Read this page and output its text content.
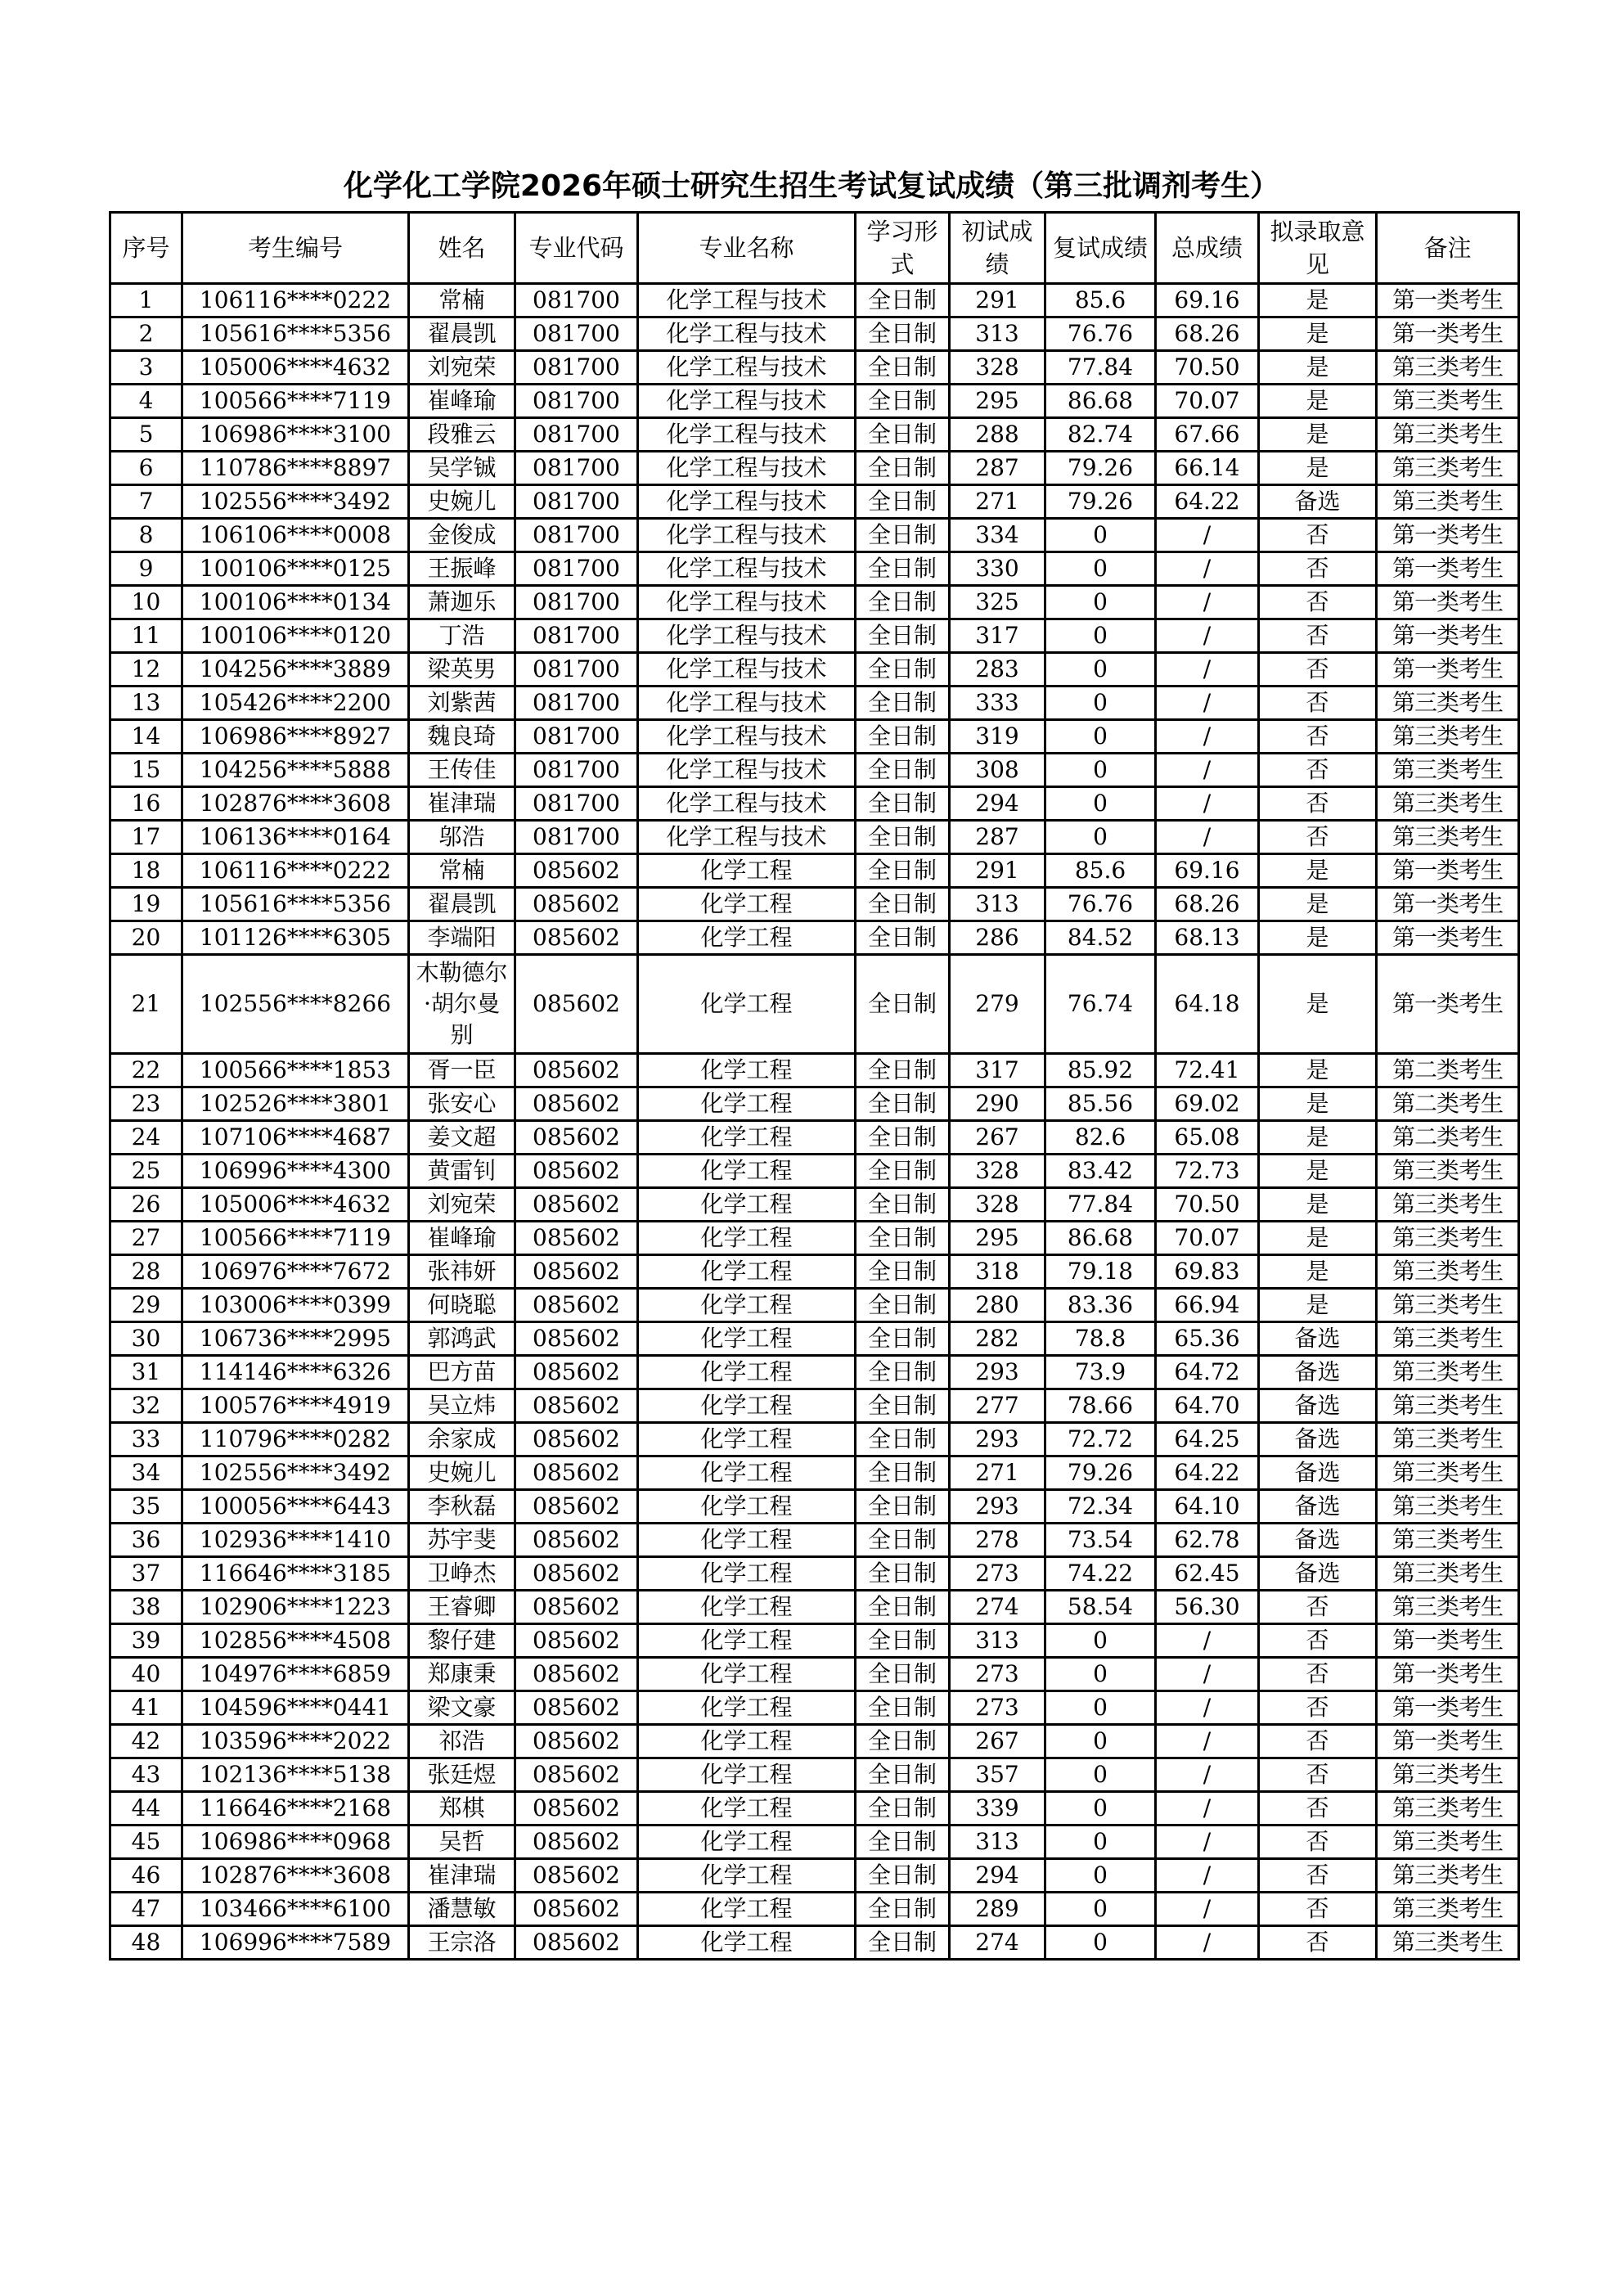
化学化工学院2026年硕士研究生招生考试复试成绩（第三批调剂考生）
序号	考生编号	姓名	专业代码	专业名称	学习形式	初试成绩	复试成绩	总成绩	拟录取意见	备注
1	106116****0222	常楠	081700	化学工程与技术	全日制	291	85.6	69.16	是	第一类考生
2	105616****5356	翟晨凯	081700	化学工程与技术	全日制	313	76.76	68.26	是	第一类考生
3	105006****4632	刘宛荣	081700	化学工程与技术	全日制	328	77.84	70.50	是	第三类考生
4	100566****7119	崔峰瑜	081700	化学工程与技术	全日制	295	86.68	70.07	是	第三类考生
5	106986****3100	段雅云	081700	化学工程与技术	全日制	288	82.74	67.66	是	第三类考生
6	110786****8897	吴学铖	081700	化学工程与技术	全日制	287	79.26	66.14	是	第三类考生
7	102556****3492	史婉儿	081700	化学工程与技术	全日制	271	79.26	64.22	备选	第三类考生
8	106106****0008	金俊成	081700	化学工程与技术	全日制	334	0	/	否	第一类考生
9	100106****0125	王振峰	081700	化学工程与技术	全日制	330	0	/	否	第一类考生
10	100106****0134	萧迦乐	081700	化学工程与技术	全日制	325	0	/	否	第一类考生
11	100106****0120	丁浩	081700	化学工程与技术	全日制	317	0	/	否	第一类考生
12	104256****3889	梁英男	081700	化学工程与技术	全日制	283	0	/	否	第一类考生
13	105426****2200	刘紫茜	081700	化学工程与技术	全日制	333	0	/	否	第三类考生
14	106986****8927	魏良琦	081700	化学工程与技术	全日制	319	0	/	否	第三类考生
15	104256****5888	王传佳	081700	化学工程与技术	全日制	308	0	/	否	第三类考生
16	102876****3608	崔津瑞	081700	化学工程与技术	全日制	294	0	/	否	第三类考生
17	106136****0164	邬浩	081700	化学工程与技术	全日制	287	0	/	否	第三类考生
18	106116****0222	常楠	085602	化学工程	全日制	291	85.6	69.16	是	第一类考生
19	105616****5356	翟晨凯	085602	化学工程	全日制	313	76.76	68.26	是	第一类考生
20	101126****6305	李端阳	085602	化学工程	全日制	286	84.52	68.13	是	第一类考生
21	102556****8266	木勒德尔·胡尔曼别	085602	化学工程	全日制	279	76.74	64.18	是	第一类考生
22	100566****1853	胥一臣	085602	化学工程	全日制	317	85.92	72.41	是	第二类考生
23	102526****3801	张安心	085602	化学工程	全日制	290	85.56	69.02	是	第二类考生
24	107106****4687	姜文超	085602	化学工程	全日制	267	82.6	65.08	是	第二类考生
25	106996****4300	黄雷钊	085602	化学工程	全日制	328	83.42	72.73	是	第三类考生
26	105006****4632	刘宛荣	085602	化学工程	全日制	328	77.84	70.50	是	第三类考生
27	100566****7119	崔峰瑜	085602	化学工程	全日制	295	86.68	70.07	是	第三类考生
28	106976****7672	张祎妍	085602	化学工程	全日制	318	79.18	69.83	是	第三类考生
29	103006****0399	何晓聪	085602	化学工程	全日制	280	83.36	66.94	是	第三类考生
30	106736****2995	郭鸿武	085602	化学工程	全日制	282	78.8	65.36	备选	第三类考生
31	114146****6326	巴方苗	085602	化学工程	全日制	293	73.9	64.72	备选	第三类考生
32	100576****4919	吴立炜	085602	化学工程	全日制	277	78.66	64.70	备选	第三类考生
33	110796****0282	余家成	085602	化学工程	全日制	293	72.72	64.25	备选	第三类考生
34	102556****3492	史婉儿	085602	化学工程	全日制	271	79.26	64.22	备选	第三类考生
35	100056****6443	李秋磊	085602	化学工程	全日制	293	72.34	64.10	备选	第三类考生
36	102936****1410	苏宇斐	085602	化学工程	全日制	278	73.54	62.78	备选	第三类考生
37	116646****3185	卫峥杰	085602	化学工程	全日制	273	74.22	62.45	备选	第三类考生
38	102906****1223	王睿卿	085602	化学工程	全日制	274	58.54	56.30	否	第三类考生
39	102856****4508	黎仔建	085602	化学工程	全日制	313	0	/	否	第一类考生
40	104976****6859	郑康秉	085602	化学工程	全日制	273	0	/	否	第一类考生
41	104596****0441	梁文豪	085602	化学工程	全日制	273	0	/	否	第一类考生
42	103596****2022	祁浩	085602	化学工程	全日制	267	0	/	否	第一类考生
43	102136****5138	张廷煜	085602	化学工程	全日制	357	0	/	否	第三类考生
44	116646****2168	郑棋	085602	化学工程	全日制	339	0	/	否	第三类考生
45	106986****0968	吴哲	085602	化学工程	全日制	313	0	/	否	第三类考生
46	102876****3608	崔津瑞	085602	化学工程	全日制	294	0	/	否	第三类考生
47	103466****6100	潘慧敏	085602	化学工程	全日制	289	0	/	否	第三类考生
48	106996****7589	王宗洛	085602	化学工程	全日制	274	0	/	否	第三类考生
